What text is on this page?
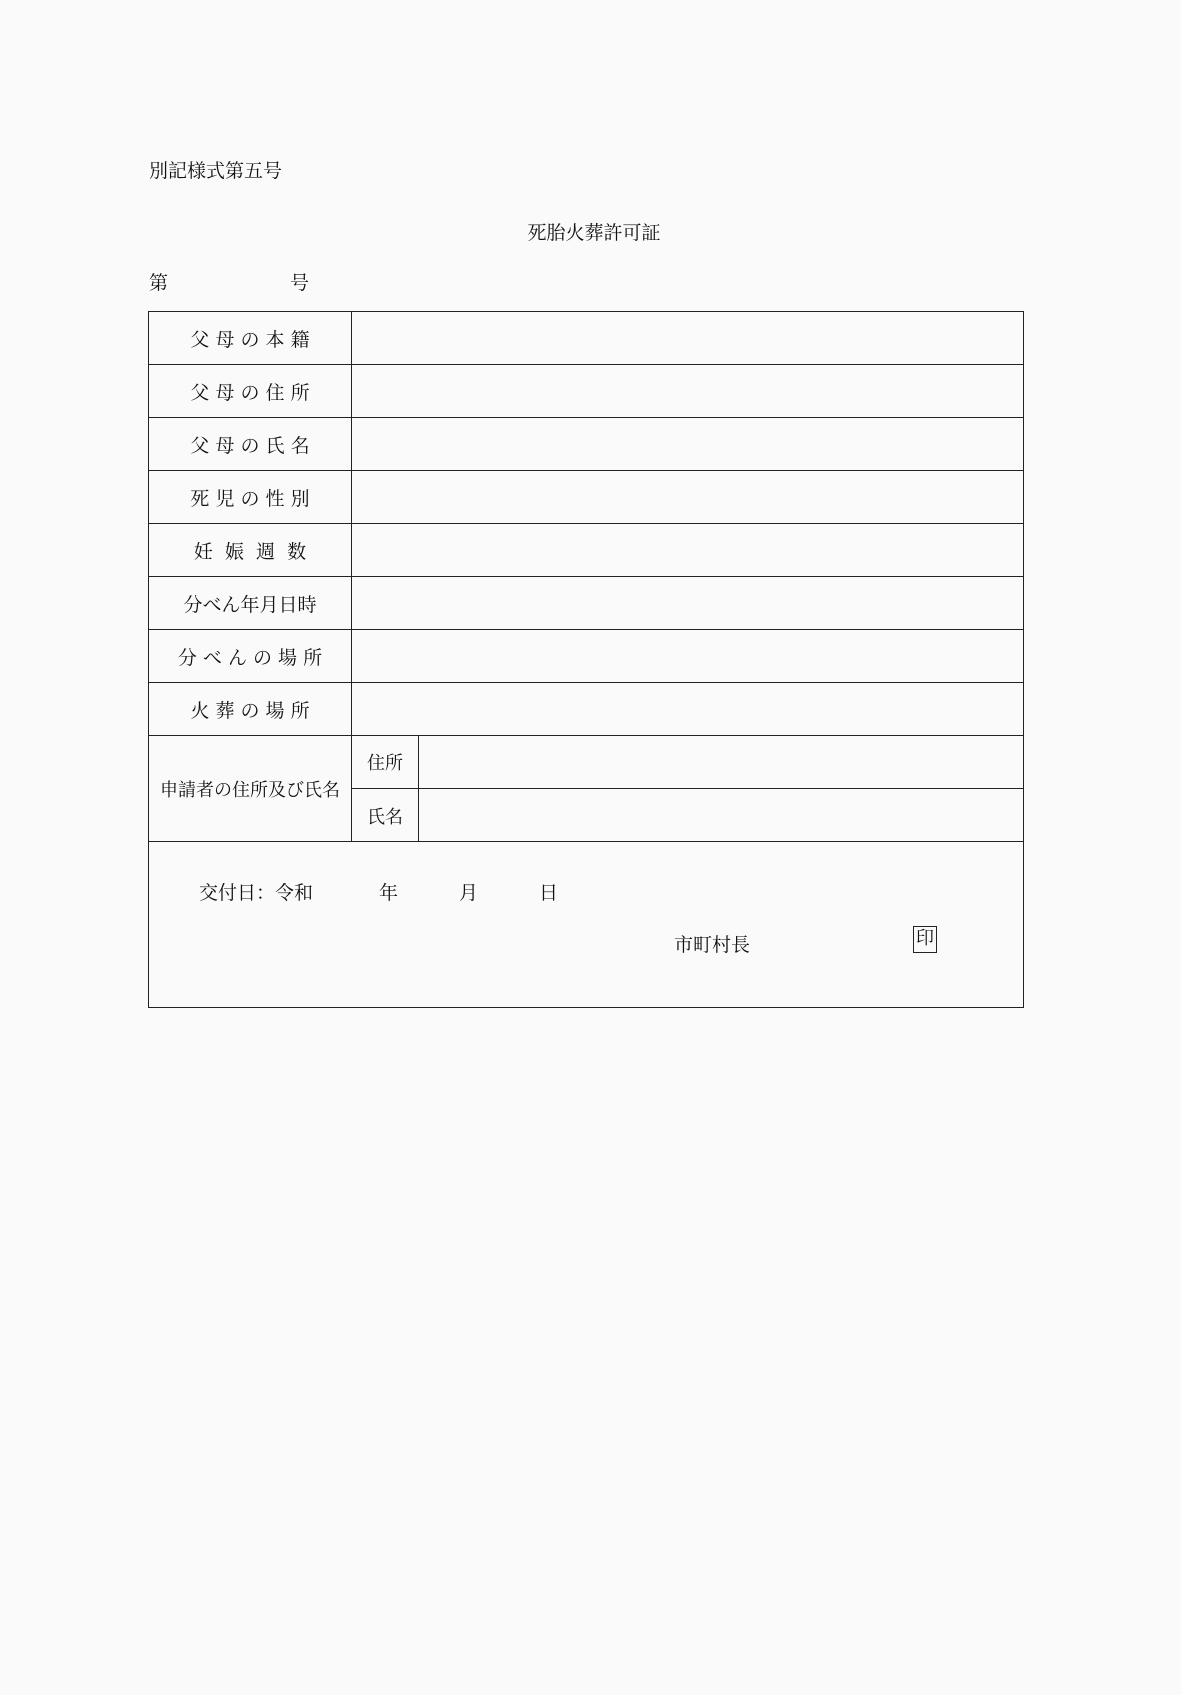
別記様式第五号
死胎火葬許可証
第	号
父 母 の 本 籍
父 母 の 住 所
父 母 の 氏 名
死 児 の 性 別
妊  娠  週  数
分べん年月日時
分 べ ん の 場 所
火 葬 の 場 所
申請者の住所及び氏名
住所
氏名
交付日：令和	年	月	日
市町村長	印
